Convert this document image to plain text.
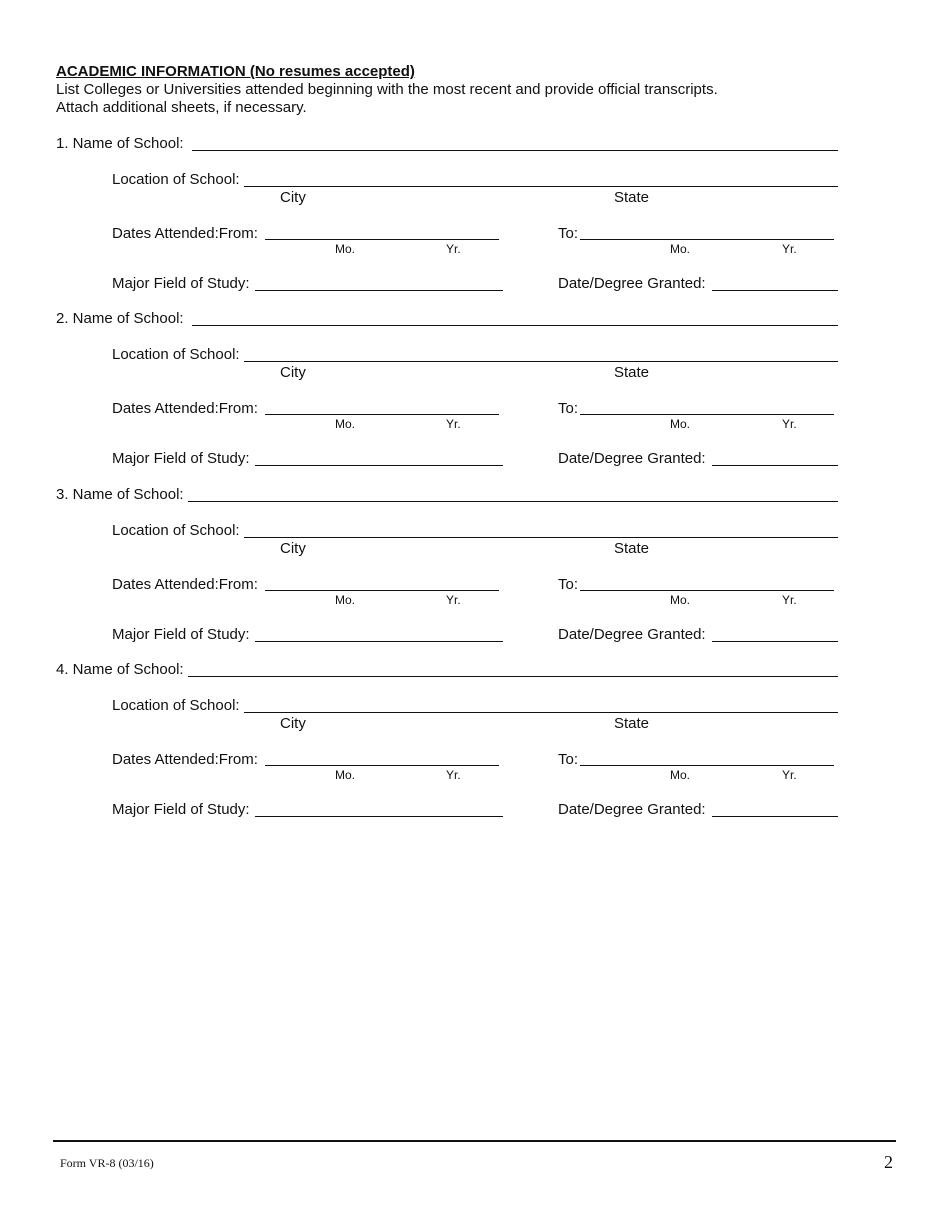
ACADEMIC INFORMATION (No resumes accepted)
List Colleges or Universities attended beginning with the most recent and provide official transcripts.
Attach additional sheets, if necessary.
1. Name of School:
Location of School:
City	State
Dates Attended:From:
Mo.	Yr.
To:
Mo.	Yr.
Major Field of Study:	Date/Degree Granted:
2. Name of School:
Location of School:
City	State
Dates Attended:From:
Mo.	Yr.
To:
Mo.	Yr.
Major Field of Study:	Date/Degree Granted:
3. Name of School:
Location of School:
City	State
Dates Attended:From:
Mo.	Yr.
To:
Mo.	Yr.
Major Field of Study:	Date/Degree Granted:
4. Name of School:
Location of School:
City	State
Dates Attended:From:
Mo.	Yr.
To:
Mo.	Yr.
Major Field of Study:	Date/Degree Granted:
Form VR-8 (03/16)	2
